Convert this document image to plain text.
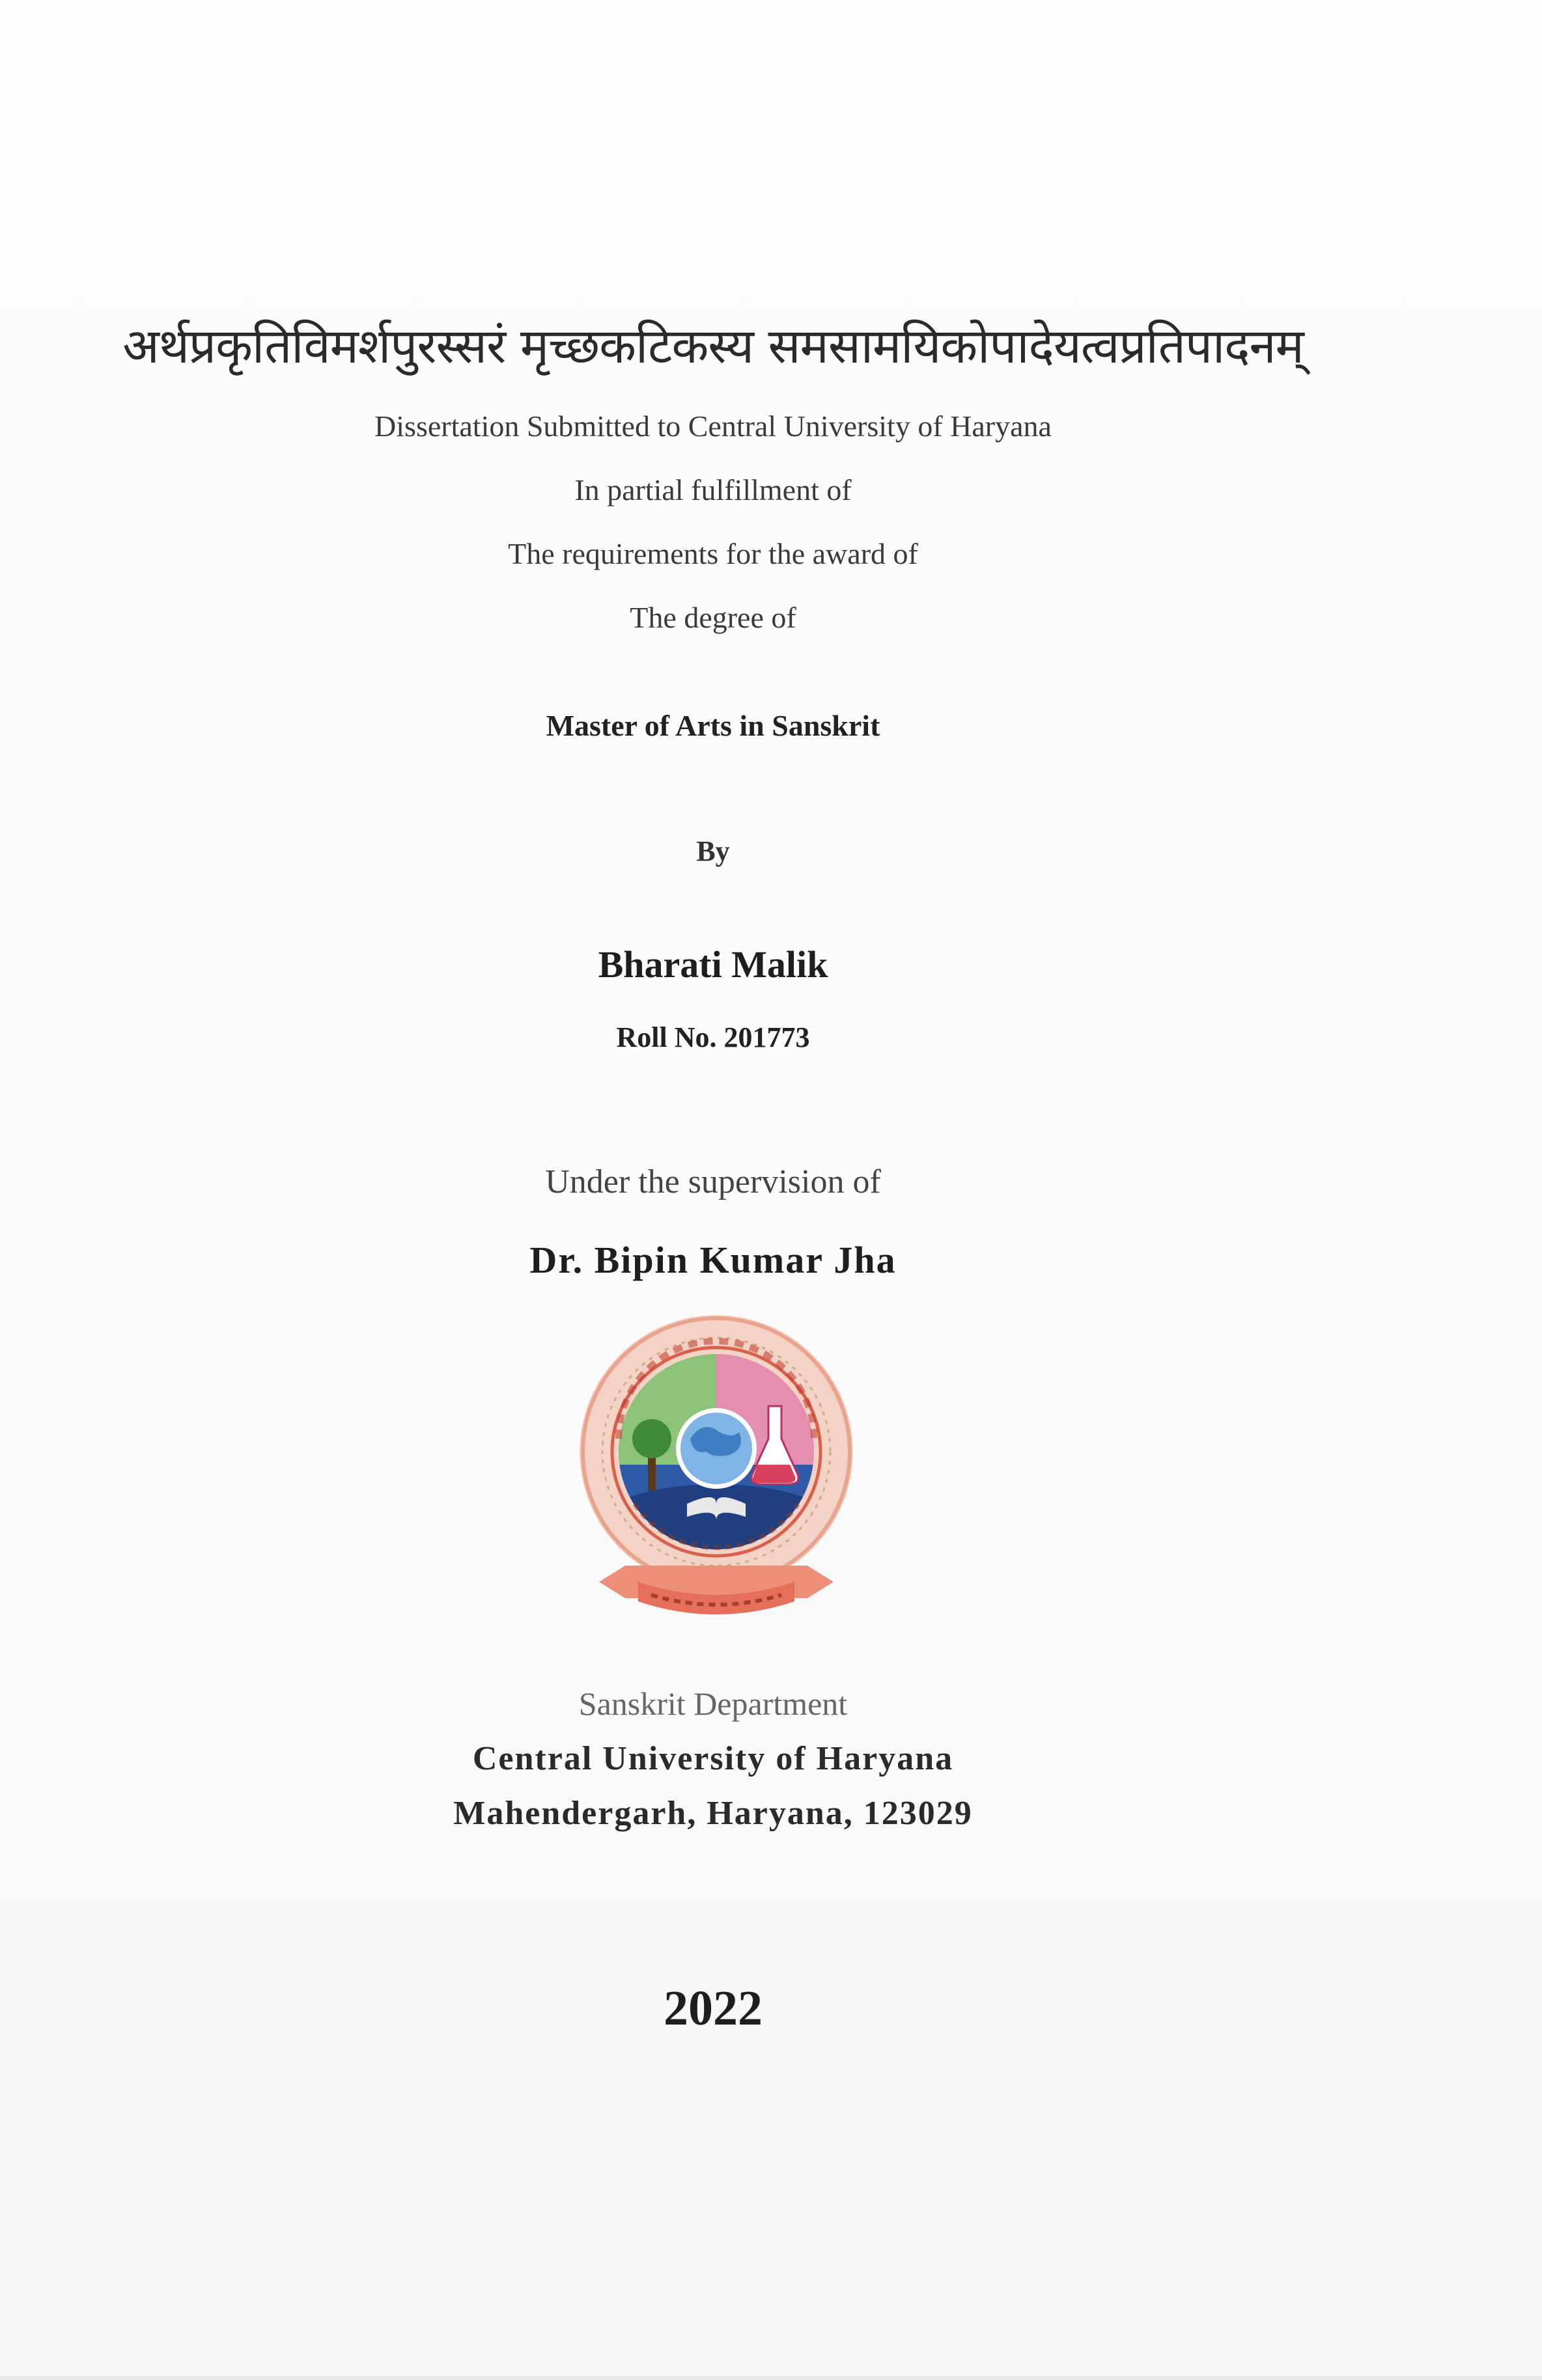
अर्थप्रकृतिविमर्शपुरस्सरं मृच्छकटिकस्य समसामयिकोपादेयत्वप्रतिपादनम्
Dissertation Submitted to Central University of Haryana
In partial fulfillment of
The requirements for the award of
The degree of
Master of Arts in Sanskrit
By
Bharati Malik
Roll No. 201773
Under the supervision of
Dr. Bipin Kumar Jha
Sanskrit Department
Central University of Haryana
Mahendergarh, Haryana, 123029
2022
